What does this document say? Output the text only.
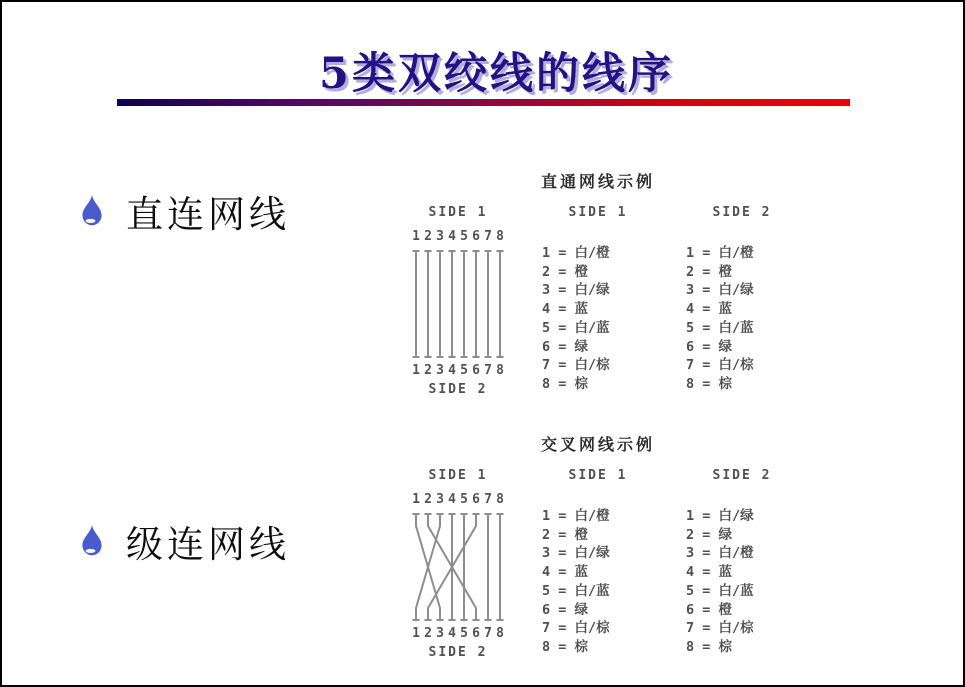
5类双绞线的线序
直连网线
级连网线
直通网线示例
SIDE 1
1 2 3 4 5 6 7 8
1 2 3 4 5 6 7 8
SIDE 2
SIDE 1
1 = 白/橙
2 = 橙
3 = 白/绿
4 = 蓝
5 = 白/蓝
6 = 绿
7 = 白/棕
8 = 棕
SIDE 2
1 = 白/橙
2 = 橙
3 = 白/绿
4 = 蓝
5 = 白/蓝
6 = 绿
7 = 白/棕
8 = 棕
交叉网线示例
SIDE 1
1 2 3 4 5 6 7 8
1 2 3 4 5 6 7 8
SIDE 2
SIDE 1
1 = 白/橙
2 = 橙
3 = 白/绿
4 = 蓝
5 = 白/蓝
6 = 绿
7 = 白/棕
8 = 棕
SIDE 2
1 = 白/绿
2 = 绿
3 = 白/橙
4 = 蓝
5 = 白/蓝
6 = 橙
7 = 白/棕
8 = 棕
